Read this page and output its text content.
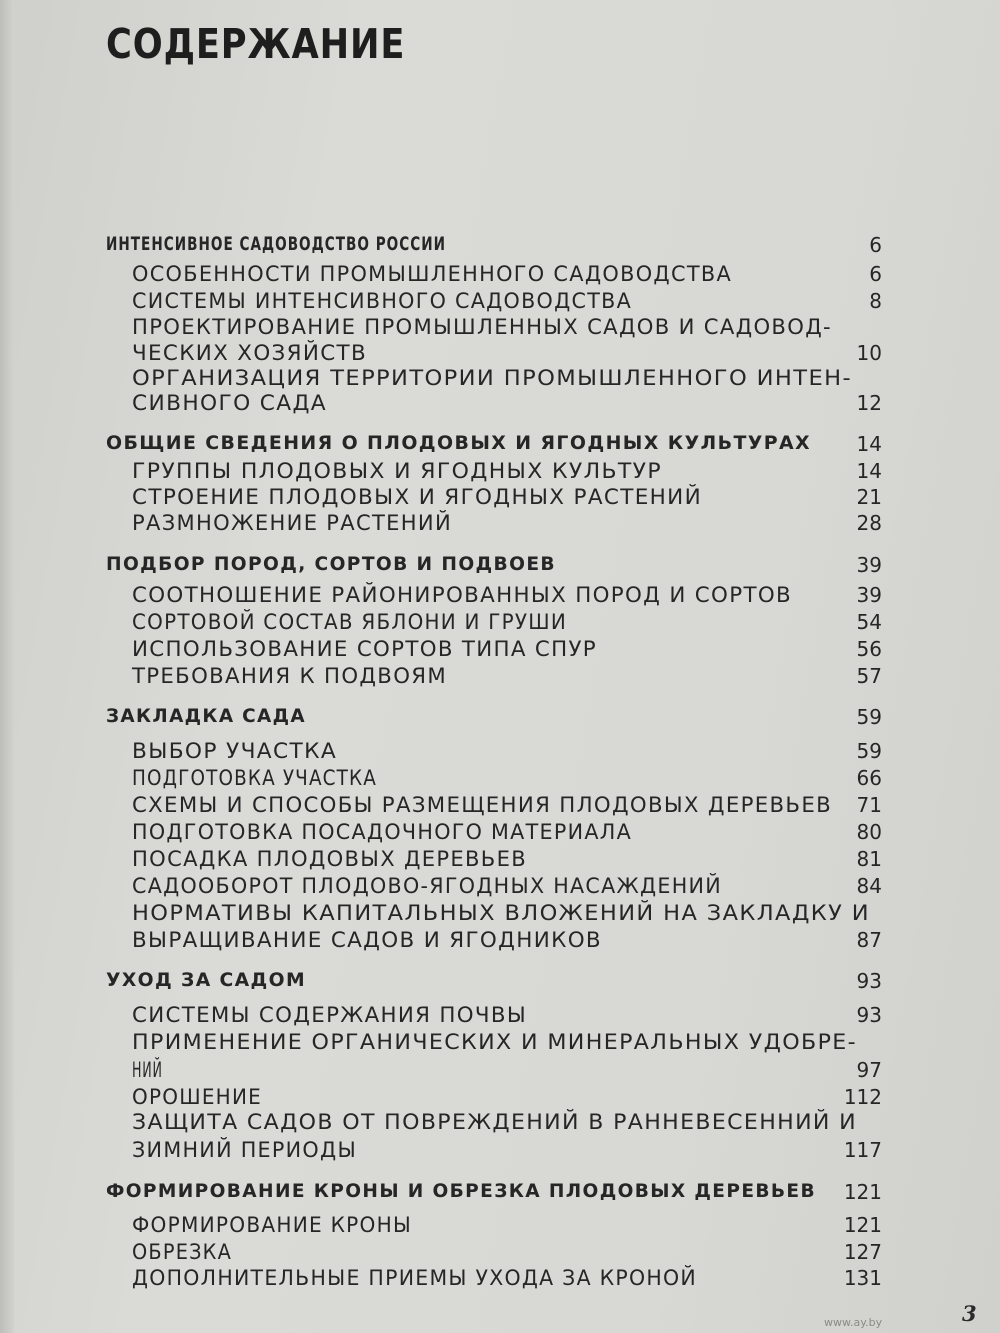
СОДЕРЖАНИЕ
ИНТЕНСИВНОЕ САДОВОДСТВО РОССИИ	6
ОСОБЕННОСТИ ПРОМЫШЛЕННОГО САДОВОДСТВА	6
СИСТЕМЫ ИНТЕНСИВНОГО САДОВОДСТВА	8
ПРОЕКТИРОВАНИЕ ПРОМЫШЛЕННЫХ САДОВ И САДОВОД-
ЧЕСКИХ ХОЗЯЙСТВ	10
ОРГАНИЗАЦИЯ ТЕРРИТОРИИ ПРОМЫШЛЕННОГО ИНТЕН-
СИВНОГО САДА	12
ОБЩИЕ СВЕДЕНИЯ О ПЛОДОВЫХ И ЯГОДНЫХ КУЛЬТУРАХ 14
ГРУППЫ ПЛОДОВЫХ И ЯГОДНЫХ КУЛЬТУР	14
СТРОЕНИЕ ПЛОДОВЫХ И ЯГОДНЫХ РАСТЕНИЙ	21
РАЗМНОЖЕНИЕ РАСТЕНИЙ	28
ПОДБОР ПОРОД, СОРТОВ И ПОДВОЕВ	39
СООТНОШЕНИЕ РАЙОНИРОВАННЫХ ПОРОД И СОРТОВ	39
СОРТОВОЙ СОСТАВ ЯБЛОНИ И ГРУШИ	54
ИСПОЛЬЗОВАНИЕ СОРТОВ ТИПА СПУР	56
ТРЕБОВАНИЯ К ПОДВОЯМ	57
ЗАКЛАДКА САДА	59
ВЫБОР УЧАСТКА	59
ПОДГОТОВКА УЧАСТКА	66
СХЕМЫ И СПОСОБЫ РАЗМЕЩЕНИЯ ПЛОДОВЫХ ДЕРЕВЬЕВ 71
ПОДГОТОВКА ПОСАДОЧНОГО МАТЕРИАЛА	80
ПОСАДКА ПЛОДОВЫХ ДЕРЕВЬЕВ	81
САДООБОРОТ ПЛОДОВО-ЯГОДНЫХ НАСАЖДЕНИЙ	84
НОРМАТИВЫ КАПИТАЛЬНЫХ ВЛОЖЕНИЙ НА ЗАКЛАДКУ И
ВЫРАЩИВАНИЕ САДОВ И ЯГОДНИКОВ	87
УХОД ЗА САДОМ	93
СИСТЕМЫ СОДЕРЖАНИЯ ПОЧВЫ	93
ПРИМЕНЕНИЕ ОРГАНИЧЕСКИХ И МИНЕРАЛЬНЫХ УДОБРЕ-
НИЙ	97
ОРОШЕНИЕ	112
ЗАЩИТА САДОВ ОТ ПОВРЕЖДЕНИЙ В РАННЕВЕСЕННИЙ И
ЗИМНИЙ ПЕРИОДЫ	117
ФОРМИРОВАНИЕ КРОНЫ И ОБРЕЗКА ПЛОДОВЫХ ДЕРЕВЬЕВ 121
ФОРМИРОВАНИЕ КРОНЫ	121
ОБРЕЗКА	127
ДОПОЛНИТЕЛЬНЫЕ ПРИЕМЫ УХОДА ЗА КРОНОЙ	131
3
www.ay.by
